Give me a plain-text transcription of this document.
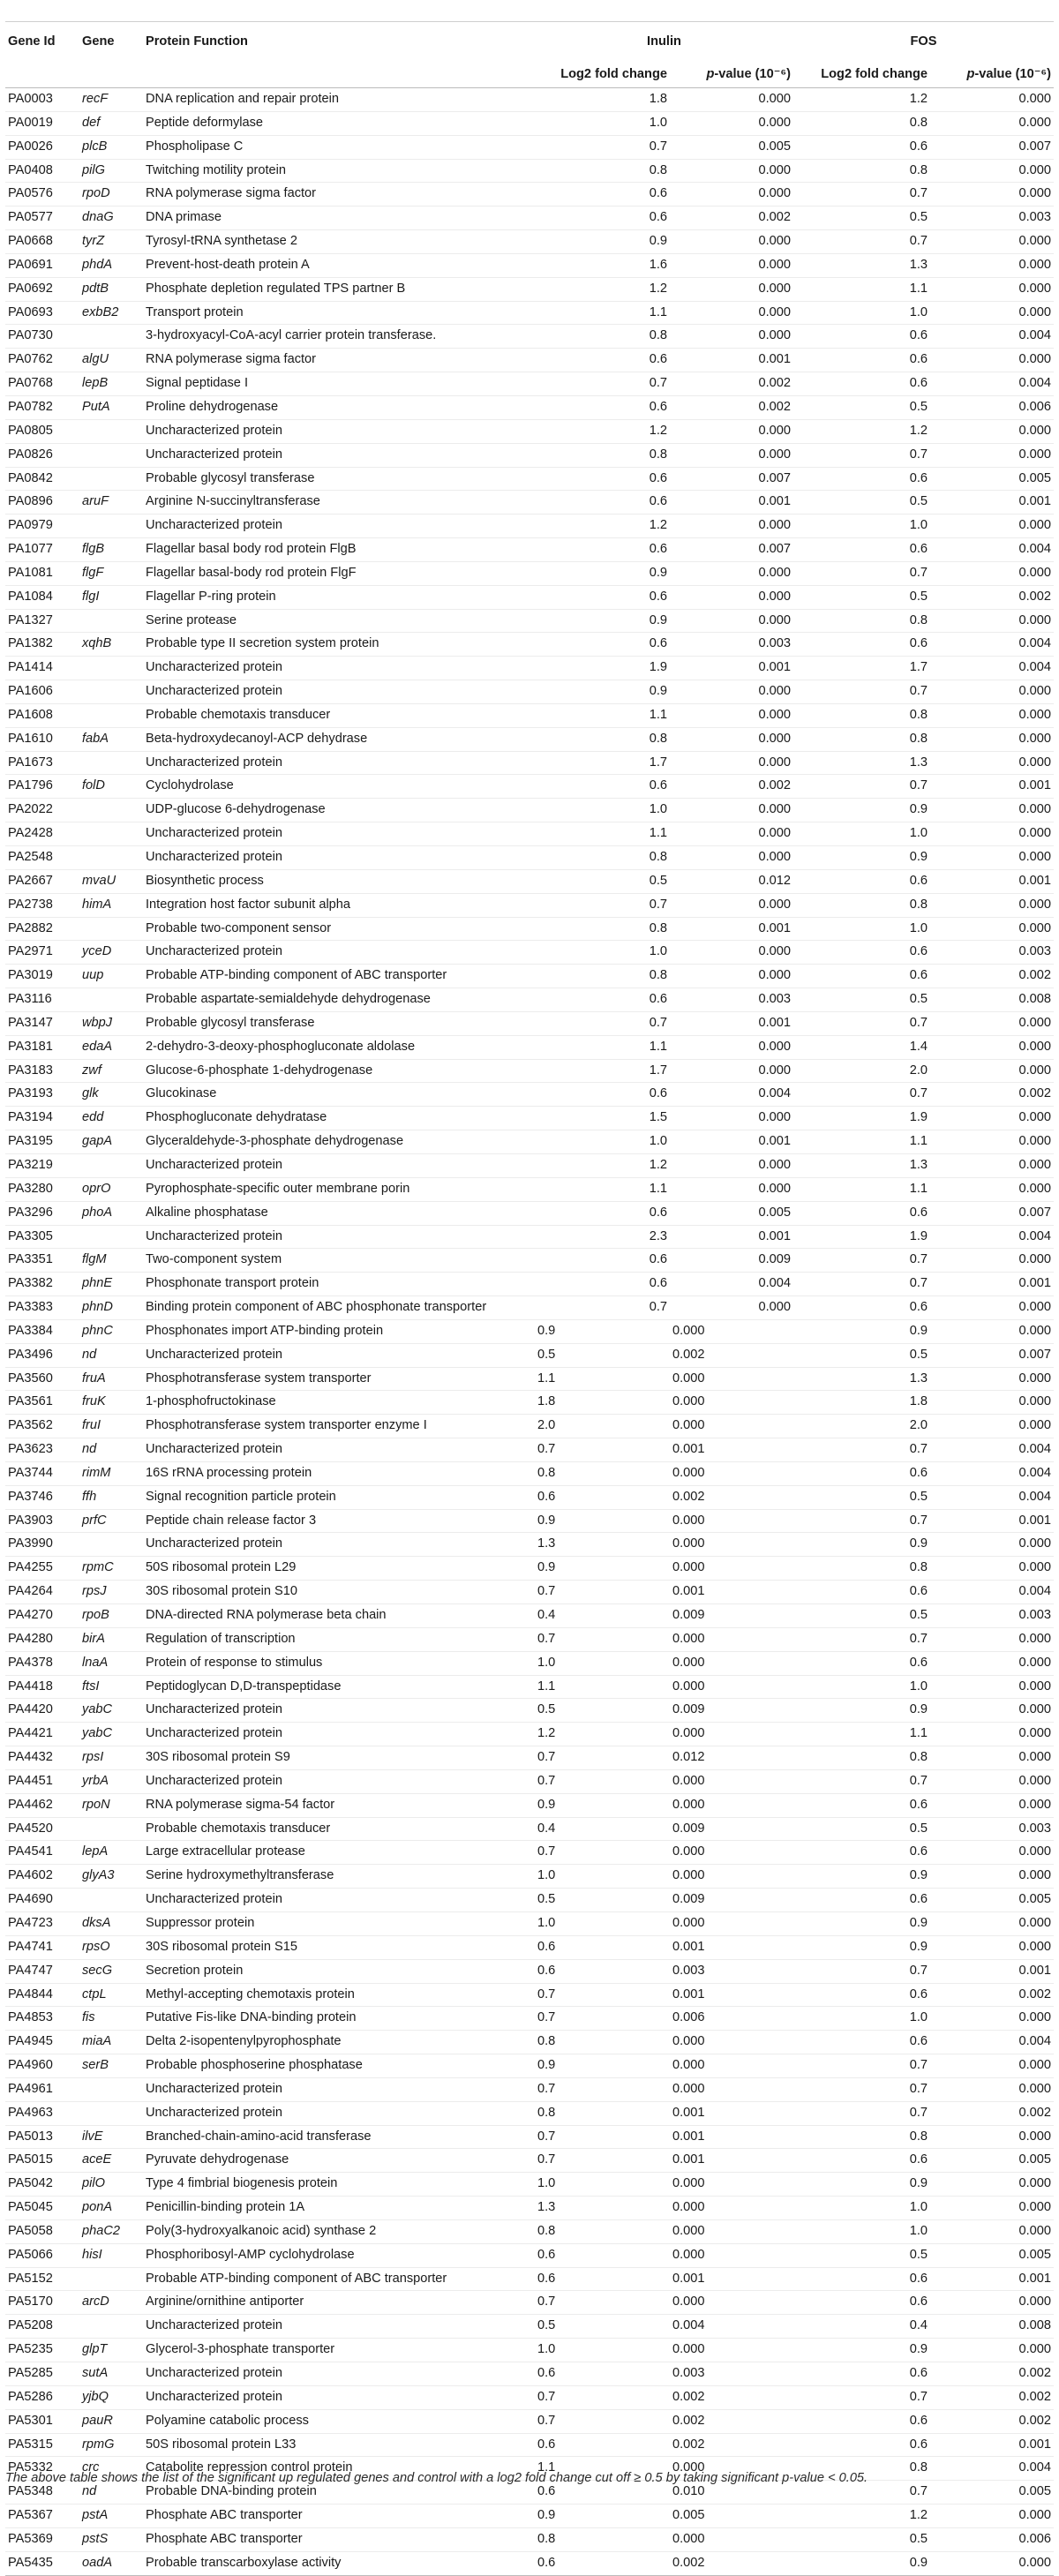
Gene Id	Gene	Protein Function	Inulin		FOS	
			Log2 fold change	p-value (10⁻⁶)	Log2 fold change	p-value (10⁻⁶)
PA0003	recF	DNA replication and repair protein	1.8	0.000	1.2	0.000
PA0019	def	Peptide deformylase	1.0	0.000	0.8	0.000
PA0026	plcB	Phospholipase C	0.7	0.005	0.6	0.007
PA0408	pilG	Twitching motility protein	0.8	0.000	0.8	0.000
PA0576	rpoD	RNA polymerase sigma factor	0.6	0.000	0.7	0.000
PA0577	dnaG	DNA primase	0.6	0.002	0.5	0.003
PA0668	tyrZ	Tyrosyl-tRNA synthetase 2	0.9	0.000	0.7	0.000
PA0691	phdA	Prevent-host-death protein A	1.6	0.000	1.3	0.000
PA0692	pdtB	Phosphate depletion regulated TPS partner B	1.2	0.000	1.1	0.000
PA0693	exbB2	Transport protein	1.1	0.000	1.0	0.000
PA0730		3-hydroxyacyl-CoA-acyl carrier protein transferase.	0.8	0.000	0.6	0.004
PA0762	algU	RNA polymerase sigma factor	0.6	0.001	0.6	0.000
PA0768	lepB	Signal peptidase I	0.7	0.002	0.6	0.004
PA0782	PutA	Proline dehydrogenase	0.6	0.002	0.5	0.006
PA0805		Uncharacterized protein	1.2	0.000	1.2	0.000
PA0826		Uncharacterized protein	0.8	0.000	0.7	0.000
PA0842		Probable glycosyl transferase	0.6	0.007	0.6	0.005
PA0896	aruF	Arginine N-succinyltransferase	0.6	0.001	0.5	0.001
PA0979		Uncharacterized protein	1.2	0.000	1.0	0.000
PA1077	flgB	Flagellar basal body rod protein FlgB	0.6	0.007	0.6	0.004
PA1081	flgF	Flagellar basal-body rod protein FlgF	0.9	0.000	0.7	0.000
PA1084	flgI	Flagellar P-ring protein	0.6	0.000	0.5	0.002
PA1327		Serine protease	0.9	0.000	0.8	0.000
PA1382	xqhB	Probable type II secretion system protein	0.6	0.003	0.6	0.004
PA1414		Uncharacterized protein	1.9	0.001	1.7	0.004
PA1606		Uncharacterized protein	0.9	0.000	0.7	0.000
PA1608		Probable chemotaxis transducer	1.1	0.000	0.8	0.000
PA1610	fabA	Beta-hydroxydecanoyl-ACP dehydrase	0.8	0.000	0.8	0.000
PA1673		Uncharacterized protein	1.7	0.000	1.3	0.000
PA1796	folD	Cyclohydrolase	0.6	0.002	0.7	0.001
PA2022		UDP-glucose 6-dehydrogenase	1.0	0.000	0.9	0.000
PA2428		Uncharacterized protein	1.1	0.000	1.0	0.000
PA2548		Uncharacterized protein	0.8	0.000	0.9	0.000
PA2667	mvaU	Biosynthetic process	0.5	0.012	0.6	0.001
PA2738	himA	Integration host factor subunit alpha	0.7	0.000	0.8	0.000
PA2882		Probable two-component sensor	0.8	0.001	1.0	0.000
PA2971	yceD	Uncharacterized protein	1.0	0.000	0.6	0.003
PA3019	uup	Probable ATP-binding component of ABC transporter	0.8	0.000	0.6	0.002
PA3116		Probable aspartate-semialdehyde dehydrogenase	0.6	0.003	0.5	0.008
PA3147	wbpJ	Probable glycosyl transferase	0.7	0.001	0.7	0.000
PA3181	edaA	2-dehydro-3-deoxy-phosphogluconate aldolase	1.1	0.000	1.4	0.000
PA3183	zwf	Glucose-6-phosphate 1-dehydrogenase	1.7	0.000	2.0	0.000
PA3193	glk	Glucokinase	0.6	0.004	0.7	0.002
PA3194	edd	Phosphogluconate dehydratase	1.5	0.000	1.9	0.000
PA3195	gapA	Glyceraldehyde-3-phosphate dehydrogenase	1.0	0.001	1.1	0.000
PA3219		Uncharacterized protein	1.2	0.000	1.3	0.000
PA3280	oprO	Pyrophosphate-specific outer membrane porin	1.1	0.000	1.1	0.000
PA3296	phoA	Alkaline phosphatase	0.6	0.005	0.6	0.007
PA3305		Uncharacterized protein	2.3	0.001	1.9	0.004
PA3351	flgM	Two-component system	0.6	0.009	0.7	0.000
PA3382	phnE	Phosphonate transport protein	0.6	0.004	0.7	0.001
PA3383	phnD	Binding protein component of ABC phosphonate transporter	0.7	0.000	0.6	0.000
PA3384	phnC	Phosphonates import ATP-binding protein	0.9	0.000	0.9	0.000
PA3496	nd	Uncharacterized protein	0.5	0.002	0.5	0.007
PA3560	fruA	Phosphotransferase system transporter	1.1	0.000	1.3	0.000
PA3561	fruK	1-phosphofructokinase	1.8	0.000	1.8	0.000
PA3562	fruI	Phosphotransferase system transporter enzyme I	2.0	0.000	2.0	0.000
PA3623	nd	Uncharacterized protein	0.7	0.001	0.7	0.004
PA3744	rimM	16S rRNA processing protein	0.8	0.000	0.6	0.004
PA3746	ffh	Signal recognition particle protein	0.6	0.002	0.5	0.004
PA3903	prfC	Peptide chain release factor 3	0.9	0.000	0.7	0.001
PA3990		Uncharacterized protein	1.3	0.000	0.9	0.000
PA4255	rpmC	50S ribosomal protein L29	0.9	0.000	0.8	0.000
PA4264	rpsJ	30S ribosomal protein S10	0.7	0.001	0.6	0.004
PA4270	rpoB	DNA-directed RNA polymerase beta chain	0.4	0.009	0.5	0.003
PA4280	birA	Regulation of transcription	0.7	0.000	0.7	0.000
PA4378	lnaA	Protein of response to stimulus	1.0	0.000	0.6	0.000
PA4418	ftsI	Peptidoglycan D,D-transpeptidase	1.1	0.000	1.0	0.000
PA4420	yabC	Uncharacterized protein	0.5	0.009	0.9	0.000
PA4421	yabC	Uncharacterized protein	1.2	0.000	1.1	0.000
PA4432	rpsI	30S ribosomal protein S9	0.7	0.012	0.8	0.000
PA4451	yrbA	Uncharacterized protein	0.7	0.000	0.7	0.000
PA4462	rpoN	RNA polymerase sigma-54 factor	0.9	0.000	0.6	0.000
PA4520		Probable chemotaxis transducer	0.4	0.009	0.5	0.003
PA4541	lepA	Large extracellular protease	0.7	0.000	0.6	0.000
PA4602	glyA3	Serine hydroxymethyltransferase	1.0	0.000	0.9	0.000
PA4690		Uncharacterized protein	0.5	0.009	0.6	0.005
PA4723	dksA	Suppressor protein	1.0	0.000	0.9	0.000
PA4741	rpsO	30S ribosomal protein S15	0.6	0.001	0.9	0.000
PA4747	secG	Secretion protein	0.6	0.003	0.7	0.001
PA4844	ctpL	Methyl-accepting chemotaxis protein	0.7	0.001	0.6	0.002
PA4853	fis	Putative Fis-like DNA-binding protein	0.7	0.006	1.0	0.000
PA4945	miaA	Delta 2-isopentenylpyrophosphate	0.8	0.000	0.6	0.004
PA4960	serB	Probable phosphoserine phosphatase	0.9	0.000	0.7	0.000
PA4961		Uncharacterized protein	0.7	0.000	0.7	0.000
PA4963		Uncharacterized protein	0.8	0.001	0.7	0.002
PA5013	ilvE	Branched-chain-amino-acid transferase	0.7	0.001	0.8	0.000
PA5015	aceE	Pyruvate dehydrogenase	0.7	0.001	0.6	0.005
PA5042	pilO	Type 4 fimbrial biogenesis protein	1.0	0.000	0.9	0.000
PA5045	ponA	Penicillin-binding protein 1A	1.3	0.000	1.0	0.000
PA5058	phaC2	Poly(3-hydroxyalkanoic acid) synthase 2	0.8	0.000	1.0	0.000
PA5066	hisI	Phosphoribosyl-AMP cyclohydrolase	0.6	0.000	0.5	0.005
PA5152		Probable ATP-binding component of ABC transporter	0.6	0.001	0.6	0.001
PA5170	arcD	Arginine/ornithine antiporter	0.7	0.000	0.6	0.000
PA5208		Uncharacterized protein	0.5	0.004	0.4	0.008
PA5235	glpT	Glycerol-3-phosphate transporter	1.0	0.000	0.9	0.000
PA5285	sutA	Uncharacterized protein	0.6	0.003	0.6	0.002
PA5286	yjbQ	Uncharacterized protein	0.7	0.002	0.7	0.002
PA5301	pauR	Polyamine catabolic process	0.7	0.002	0.6	0.002
PA5315	rpmG	50S ribosomal protein L33	0.6	0.002	0.6	0.001
PA5332	crc	Catabolite repression control protein	1.1	0.000	0.8	0.004
PA5348	nd	Probable DNA-binding protein	0.6	0.010	0.7	0.005
PA5367	pstA	Phosphate ABC transporter	0.9	0.005	1.2	0.000
PA5369	pstS	Phosphate ABC transporter	0.8	0.000	0.5	0.006
PA5435	oadA	Probable transcarboxylase activity	0.6	0.002	0.9	0.000
The above table shows the list of the significant up regulated genes and control with a log2 fold change cut off ≥ 0.5 by taking significant p-value < 0.05.
